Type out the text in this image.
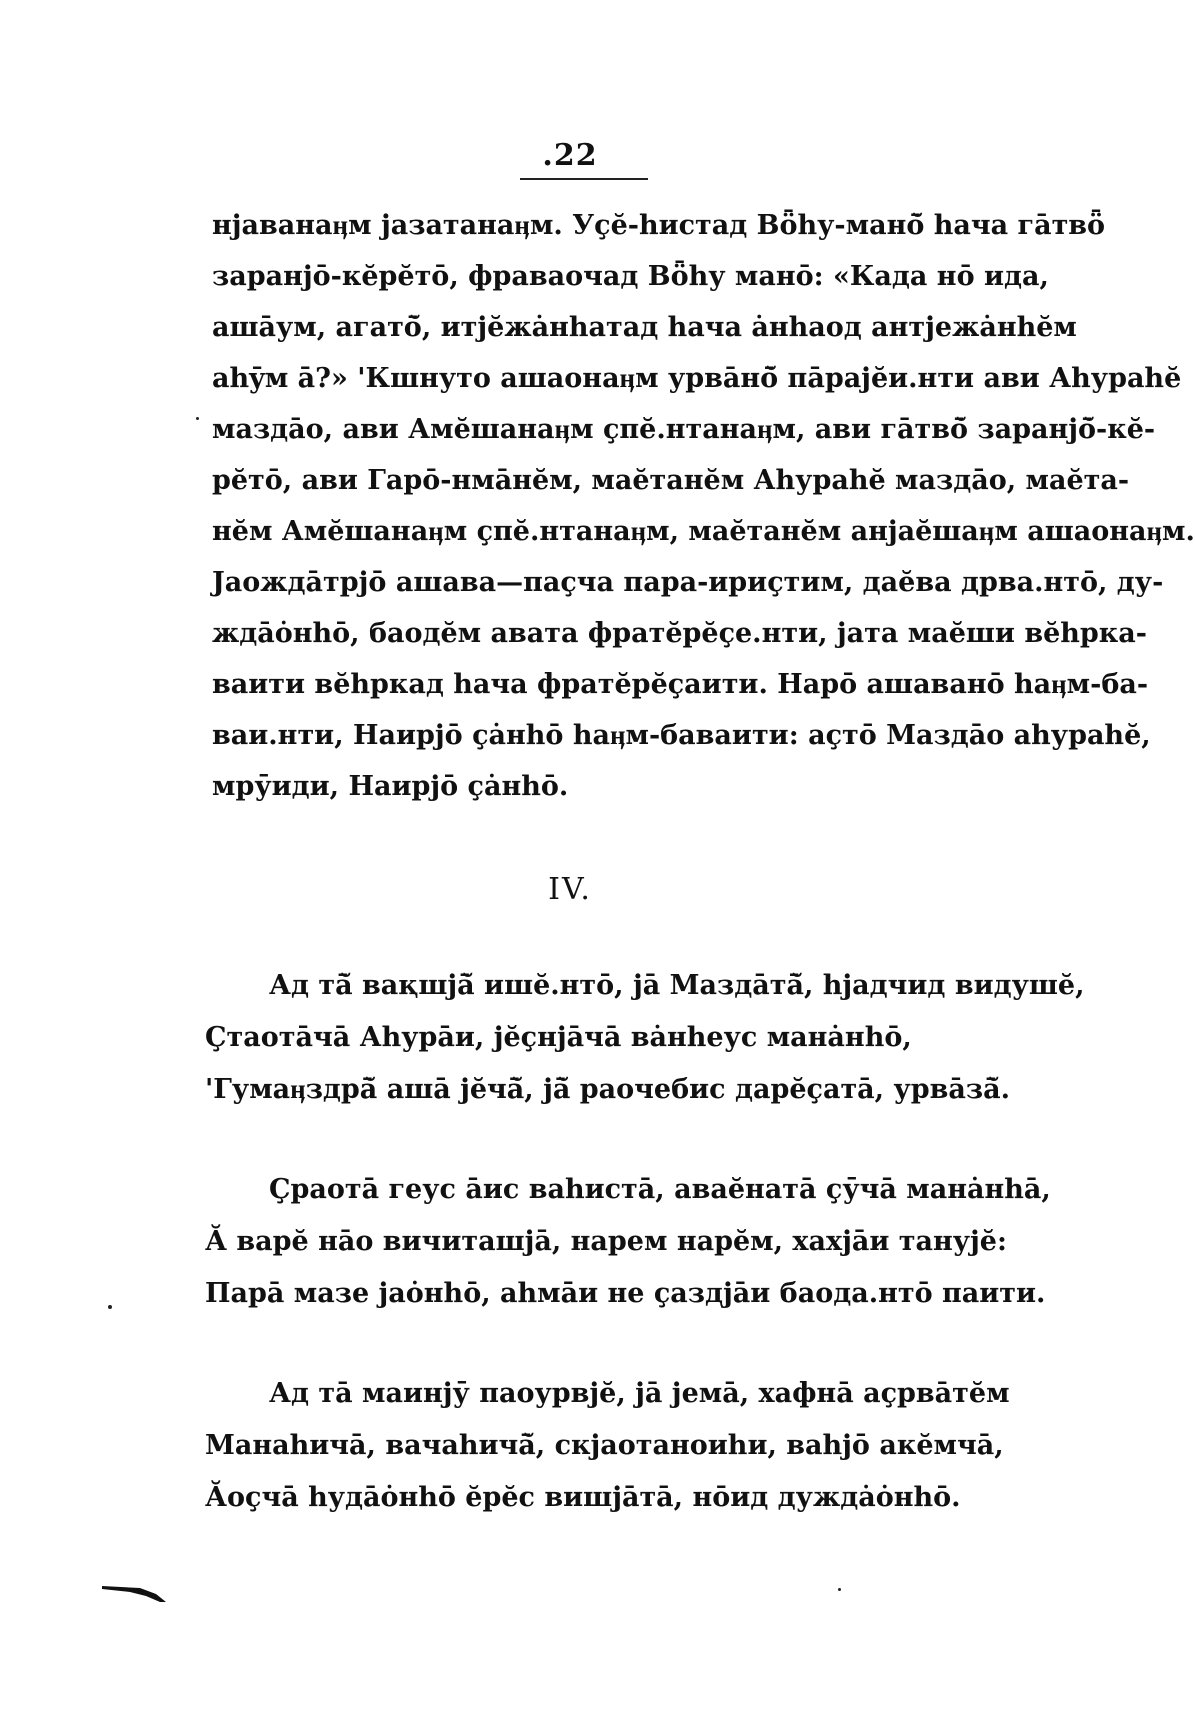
.22
нјаванаӊм јазатанаӊм. Уҫӗ-hистад Вȫhу-манō̆ hача гāтвȫ
заранјō-кӗрӗтō, фраваочад Вȫhу манō: «Када нō ида,
ашāум, агатō̆, итјӗжа̇нhатад hача а̇нhаод антјежа̇нhӗм
аhȳм ā?» 'Кшнуто ашаонаӊм урвāнō̆ пāрајӗи.нти ави Аhураhӗ
маздāо, ави Амӗшанаӊм ҫпӗ.нтанаӊм, ави гāтвō̆ заранјō̆-кӗ-
рӗтō, ави Гарō-нмāнӗм, маӗтанӗм Аhураhӗ маздāо, маӗта-
нӗм Амӗшанаӊм ҫпӗ.нтанаӊм, маӗтанӗм анјаӗшаӊм ашаонаӊм.
Јаождāтрјō ашава—паҫча пара-ириҫтим, даӗва дрва.нтō, ду-
ждāо̇нhō, баодӗм авата фратӗрӗҫе.нти, јата маӗши вӗhрка-
ваити вӗhркад hача фратӗрӗҫаити. Нарō ашаванō hаӊм-ба-
ваи.нти, Наирјō ҫа̇нhō hаӊм-баваити: аҫтō Маздāо аhураhӗ,
мрӯиди, Наирјō ҫа̇нhō.
IV.
Ад тā̆ вақшјā̆ ишӗ.нтō, јā Маздāтā̆, hјадчид видушӗ,
Ҫтаотāчā Аhурāи, јӗҫнјāчā ва̇нhеус мана̇нhō,
'Гумаӊздрā̆ ашā јӗчā̆, јā̆ раочебис дарӗҫатā, урвāзā̆.
Ҫраотā геус āис ваhистā, аваӗнатā ҫӯчā мана̇нhā,
Ӑ варӗ нāо вичиташјā, нарем нарӗм, хахјāи тануjӗ:
Парā мазе јао̇нhō, аhмāи не ҫаздјāи баода.нтō паити.
Ад тā маинјӯ паоурвјӗ, јā јемā, хафнā аҫрвāтӗм
Манаhичā, вачаhичā̆, скјаотаноиhи, ваhјō акӗмчā,
Ӑоҫчā hудāо̇нhō ӗрӗс вишјāтā, нōид дужда̇о̇нhō.
